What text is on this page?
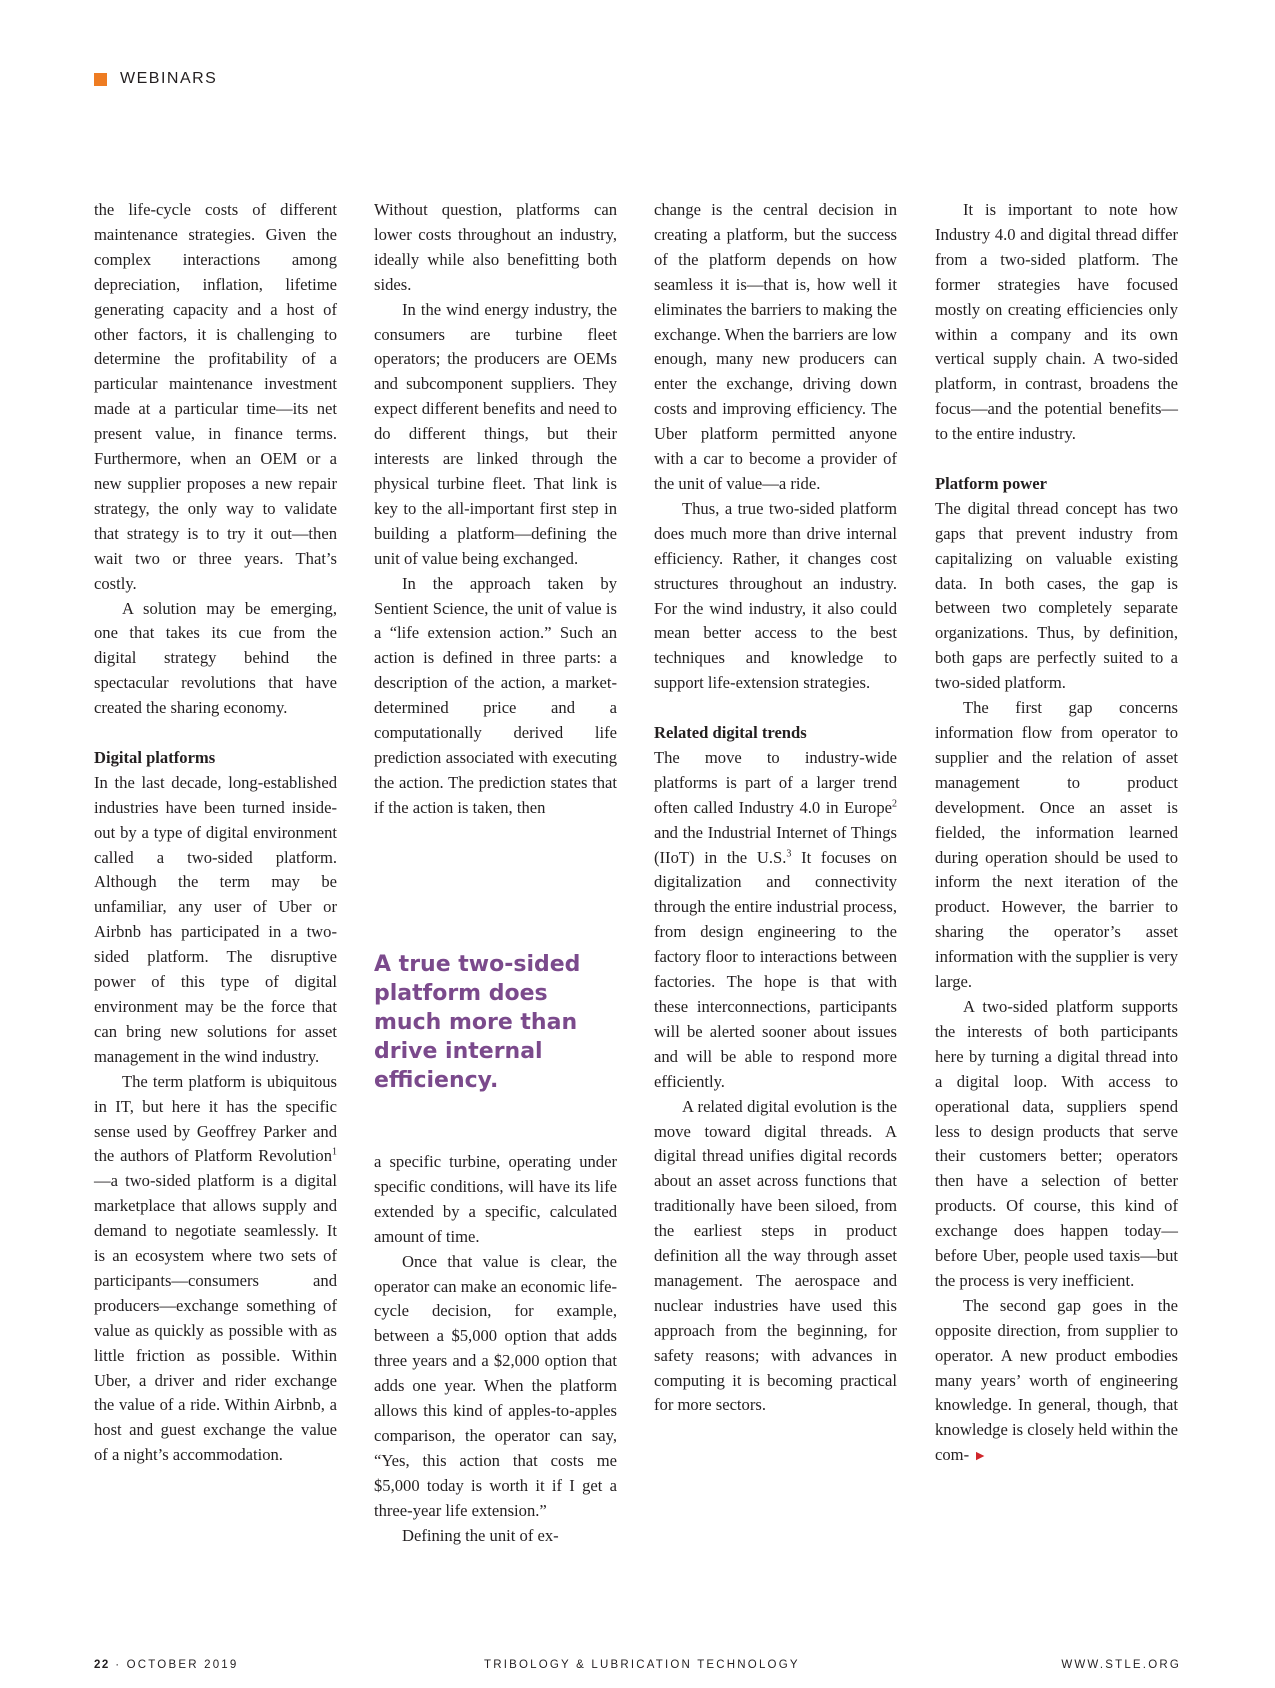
WEBINARS

the life-cycle costs of different maintenance strategies. Given the complex interactions among depreciation, inflation, lifetime generating capacity and a host of other factors, it is challenging to determine the profitability of a particular maintenance investment made at a particular time—its net present value, in finance terms. Furthermore, when an OEM or a new supplier proposes a new repair strategy, the only way to validate that strategy is to try it out—then wait two or three years. That’s costly.

A solution may be emerging, one that takes its cue from the digital strategy behind the spectacular revolutions that have created the sharing economy.

Digital platforms

In the last decade, long-established industries have been turned inside-out by a type of digital environment called a two-sided platform. Although the term may be unfamiliar, any user of Uber or Airbnb has participated in a two-sided platform. The disruptive power of this type of digital environment may be the force that can bring new solutions for asset management in the wind industry.

The term platform is ubiquitous in IT, but here it has the specific sense used by Geoffrey Parker and the authors of Platform Revolution$^1$—a two-sided platform is a digital marketplace that allows supply and demand to negotiate seamlessly. It is an ecosystem where two sets of participants—consumers and producers—exchange something of value as quickly as possible with as little friction as possible. Within Uber, a driver and rider exchange the value of a ride. Within Airbnb, a host and guest exchange the value of a night’s accommodation.

Without question, platforms can lower costs throughout an industry, ideally while also benefitting both sides.

In the wind energy industry, the consumers are turbine fleet operators; the producers are OEMs and subcomponent suppliers. They expect different benefits and need to do different things, but their interests are linked through the physical turbine fleet. That link is key to the all-important first step in building a platform—defining the unit of value being exchanged.

In the approach taken by Sentient Science, the unit of value is a “life extension action.” Such an action is defined in three parts: a description of the action, a market-determined price and a computationally derived life prediction associated with executing the action. The prediction states that if the action is taken, then

A true two-sided platform does much more than drive internal efficiency.

a specific turbine, operating under specific conditions, will have its life extended by a specific, calculated amount of time.

Once that value is clear, the operator can make an economic life-cycle decision, for example, between a $5,000 option that adds three years and a $2,000 option that adds one year. When the platform allows this kind of apples-to-apples comparison, the operator can say, “Yes, this action that costs me $5,000 today is worth it if I get a three-year life extension.”

Defining the unit of ex-

change is the central decision in creating a platform, but the success of the platform depends on how seamless it is—that is, how well it eliminates the barriers to making the exchange. When the barriers are low enough, many new producers can enter the exchange, driving down costs and improving efficiency. The Uber platform permitted anyone with a car to become a provider of the unit of value—a ride.

Thus, a true two-sided platform does much more than drive internal efficiency. Rather, it changes cost structures throughout an industry. For the wind industry, it also could mean better access to the best techniques and knowledge to support life-extension strategies.

Related digital trends

The move to industry-wide platforms is part of a larger trend often called Industry 4.0 in Europe$^2$ and the Industrial Internet of Things (IIoT) in the U.S.$^3$ It focuses on digitalization and connectivity through the entire industrial process, from design engineering to the factory floor to interactions between factories. The hope is that with these interconnections, participants will be alerted sooner about issues and will be able to respond more efficiently.

A related digital evolution is the move toward digital threads. A digital thread unifies digital records about an asset across functions that traditionally have been siloed, from the earliest steps in product definition all the way through asset management. The aerospace and nuclear industries have used this approach from the beginning, for safety reasons; with advances in computing it is becoming practical for more sectors.

It is important to note how Industry 4.0 and digital thread differ from a two-sided platform. The former strategies have focused mostly on creating efficiencies only within a company and its own vertical supply chain. A two-sided platform, in contrast, broadens the focus—and the potential benefits—to the entire industry.

Platform power

The digital thread concept has two gaps that prevent industry from capitalizing on valuable existing data. In both cases, the gap is between two completely separate organizations. Thus, by definition, both gaps are perfectly suited to a two-sided platform.

The first gap concerns information flow from operator to supplier and the relation of asset management to product development. Once an asset is fielded, the information learned during operation should be used to inform the next iteration of the product. However, the barrier to sharing the operator’s asset information with the supplier is very large.

A two-sided platform supports the interests of both participants here by turning a digital thread into a digital loop. With access to operational data, suppliers spend less to design products that serve their customers better; operators then have a selection of better products. Of course, this kind of exchange does happen today—before Uber, people used taxis—but the process is very inefficient.

The second gap goes in the opposite direction, from supplier to operator. A new product embodies many years’ worth of engineering knowledge. In general, though, that knowledge is closely held within the com- ►

22 · OCTOBER 2019	TRIBOLOGY & LUBRICATION TECHNOLOGY	WWW.STLE.ORG
